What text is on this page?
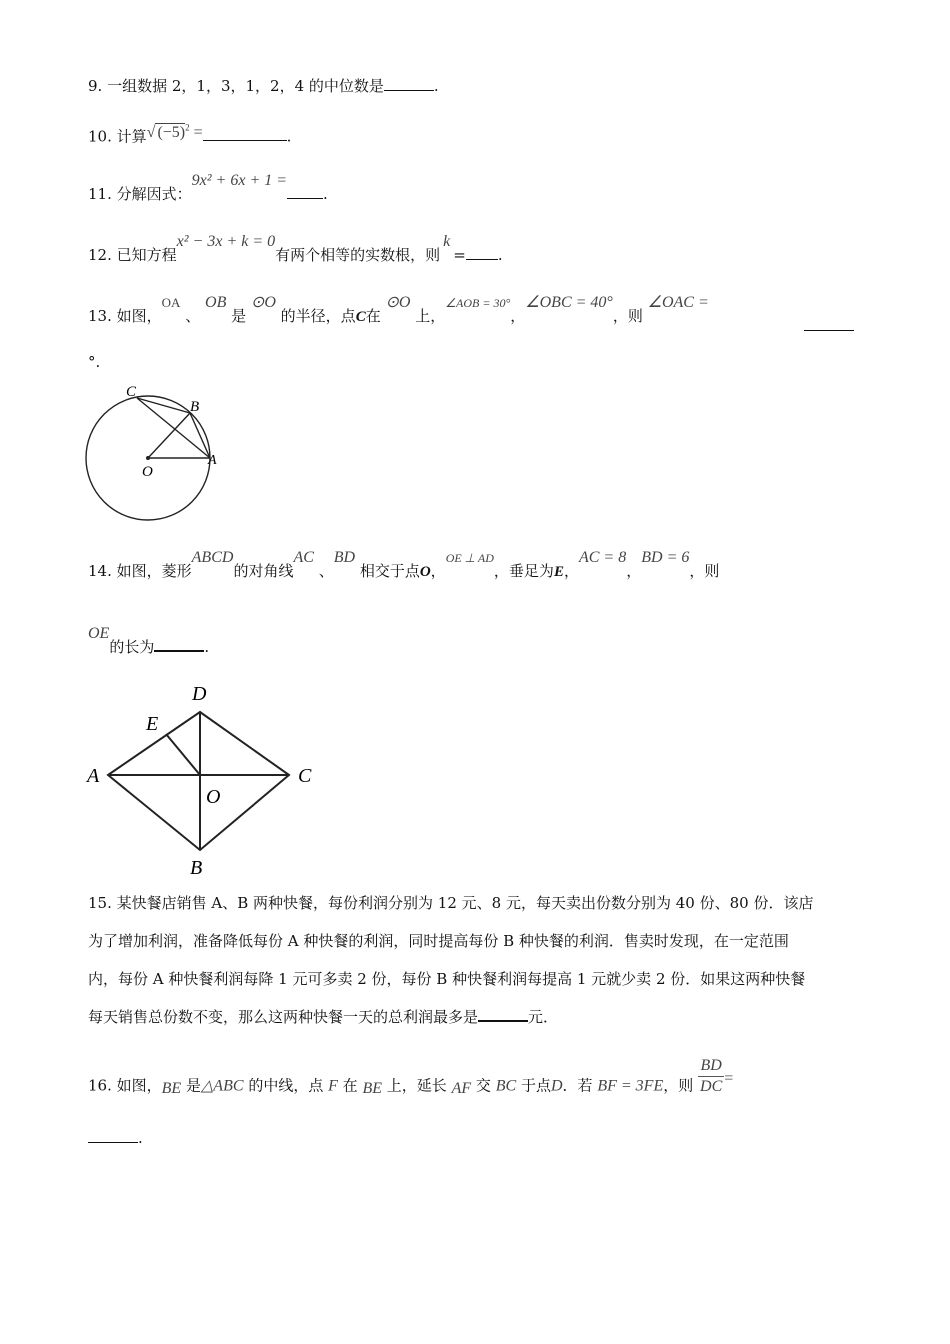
9. 一组数据 2，1，3，1，2，4 的中位数是	.
10. 计算√ $(-5)^2$ =	.
11. 分解因式：9x² + 6x + 1 =.
12. 已知方程x² − 3x + k = 0有两个相等的实数根，则k= .
13. 如图，OA 、 OB 是 ⊙O 的半径，点C在 ⊙O 上，$^{\angle AOB = 30^\circ}$，∠OBC = 40°，则 ∠OAC =
°.
C
B
O
A
14. 如图，菱形ABCD的对角线AC 、BD 相交于点O，$^{OE \perp AD}$，垂足为E，AC = 8，BD = 6，则
OE的长为	.
D
E
A
O
C
B
15. 某快餐店销售 A、B 两种快餐，每份利润分别为 12 元、8 元，每天卖出份数分别为 40 份、80 份．该店
为了增加利润，准备降低每份 A 种快餐的利润，同时提高每份 B 种快餐的利润．售卖时发现，在一定范围
内，每份 A 种快餐利润每降 1 元可多卖 2 份，每份 B 种快餐利润每提高 1 元就少卖 2 份．如果这两种快餐
每天销售总份数不变，那么这两种快餐一天的总利润最多是	元．
16. 如图，BE 是△ABC 的中线，点 F 在 BE 上，延长 AF 交 BC 于点D．若 BF = 3FE，则 $\frac{BD}{DC}$ =
.
